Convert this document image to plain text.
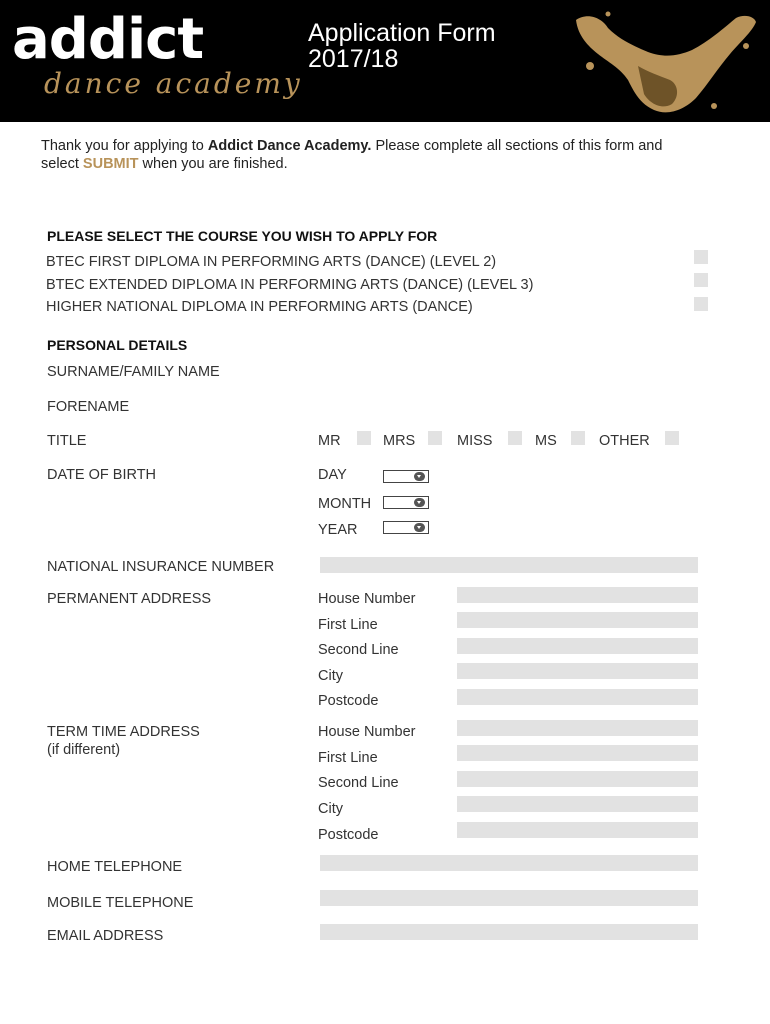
addict
dance academy
Application Form
2017/18
Thank you for applying to Addict Dance Academy. Please complete all sections of this form and select SUBMIT when you are finished.
PLEASE SELECT THE COURSE YOU WISH TO APPLY FOR
BTEC FIRST DIPLOMA IN PERFORMING ARTS (DANCE) (LEVEL 2)
BTEC EXTENDED DIPLOMA IN PERFORMING ARTS (DANCE) (LEVEL 3)
HIGHER NATIONAL DIPLOMA IN PERFORMING ARTS (DANCE)
PERSONAL DETAILS
SURNAME/FAMILY NAME
FORENAME
TITLE	MR	MRS	MISS	MS	OTHER
DATE OF BIRTH	DAY
MONTH
YEAR
NATIONAL INSURANCE NUMBER
PERMANENT ADDRESS	House Number
First Line
Second Line
City
Postcode
TERM TIME ADDRESS
(if different)
House Number
First Line
Second Line
City
Postcode
HOME TELEPHONE
MOBILE TELEPHONE
EMAIL ADDRESS
